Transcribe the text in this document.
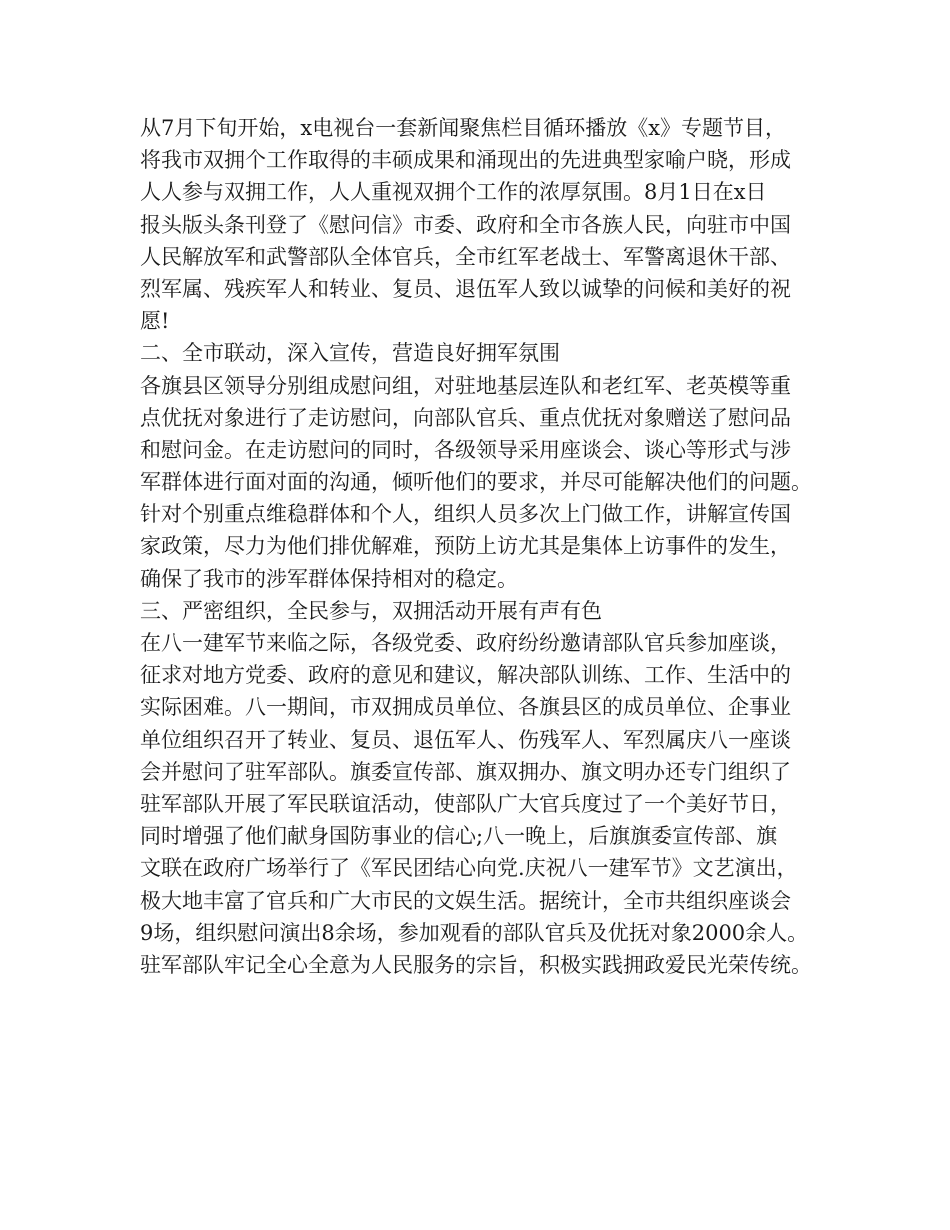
从7月下旬开始，x电视台一套新闻聚焦栏目循环播放《x》专题节目，
将我市双拥个工作取得的丰硕成果和涌现出的先进典型家喻户晓，形成
人人参与双拥工作，人人重视双拥个工作的浓厚氛围。8月1日在x日
报头版头条刊登了《慰问信》市委、政府和全市各族人民，向驻市中国
人民解放军和武警部队全体官兵，全市红军老战士、军警离退休干部、
烈军属、残疾军人和转业、复员、退伍军人致以诚挚的问候和美好的祝
愿!
二、全市联动，深入宣传，营造良好拥军氛围
各旗县区领导分别组成慰问组，对驻地基层连队和老红军、老英模等重
点优抚对象进行了走访慰问，向部队官兵、重点优抚对象赠送了慰问品
和慰问金。在走访慰问的同时，各级领导采用座谈会、谈心等形式与涉
军群体进行面对面的沟通，倾听他们的要求，并尽可能解决他们的问题。
针对个别重点维稳群体和个人，组织人员多次上门做工作，讲解宣传国
家政策，尽力为他们排优解难，预防上访尤其是集体上访事件的发生，
确保了我市的涉军群体保持相对的稳定。
三、严密组织，全民参与，双拥活动开展有声有色
在八一建军节来临之际，各级党委、政府纷纷邀请部队官兵参加座谈，
征求对地方党委、政府的意见和建议，解决部队训练、工作、生活中的
实际困难。八一期间，市双拥成员单位、各旗县区的成员单位、企事业
单位组织召开了转业、复员、退伍军人、伤残军人、军烈属庆八一座谈
会并慰问了驻军部队。旗委宣传部、旗双拥办、旗文明办还专门组织了
驻军部队开展了军民联谊活动，使部队广大官兵度过了一个美好节日，
同时增强了他们献身国防事业的信心;八一晚上，后旗旗委宣传部、旗
文联在政府广场举行了《军民团结心向党.庆祝八一建军节》文艺演出，
极大地丰富了官兵和广大市民的文娱生活。据统计，全市共组织座谈会
9场，组织慰问演出8余场，参加观看的部队官兵及优抚对象2000余人。
驻军部队牢记全心全意为人民服务的宗旨，积极实践拥政爱民光荣传统。
